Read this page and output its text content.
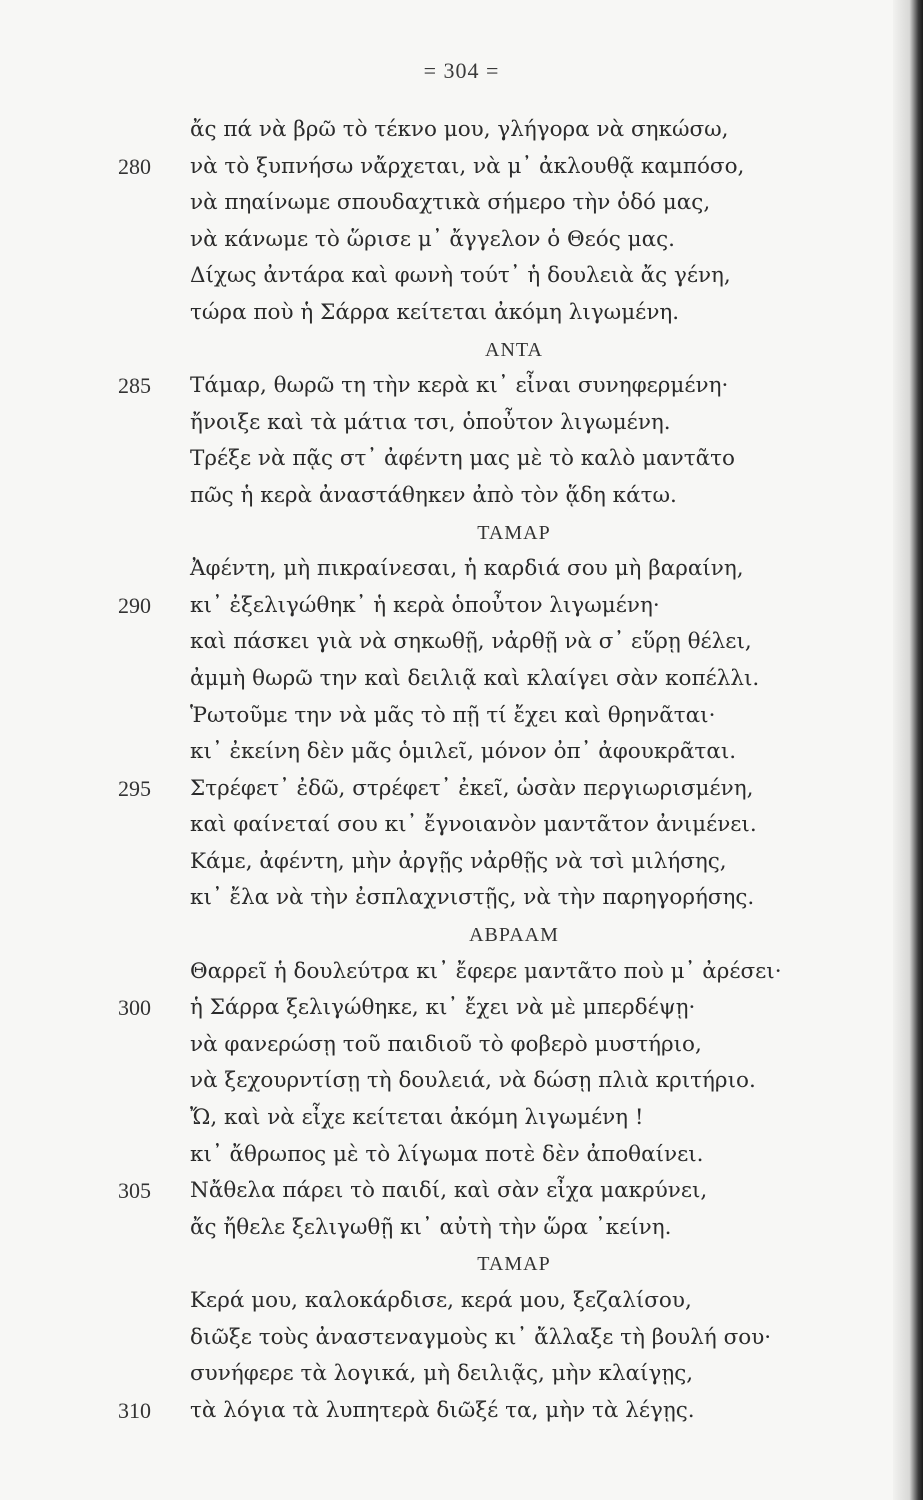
= 304 =
ἄς πά νὰ βρῶ τὸ τέκνο μου, γλήγορα νὰ σηκώσω,
280 νὰ τὸ ξυπνήσω νἄρχεται, νὰ μ᾽ ἀκλουθᾷ καμπόσο,
νὰ πηαίνωμε σπουδαχτικὰ σήμερο τὴν ὁδό μας,
νὰ κάνωμε τὸ ὥρισε μ᾽ ἄγγελον ὁ Θεός μας.
Δίχως ἀντάρα καὶ φωνὴ τούτ᾽ ἡ δουλειὰ ἄς γένη,
τώρα ποὺ ἡ Σάρρα κείτεται ἀκόμη λιγωμένη.
ΑΝΤΑ
285 Τάμαρ, θωρῶ τη τὴν κερὰ κι᾽ εἶναι συνηφερμένη·
ἤνοιξε καὶ τὰ μάτια τσι, ὁποὖτον λιγωμένη.
Τρέξε νὰ πᾷς στ᾽ ἀφέντη μας μὲ τὸ καλὸ μαντᾶτο
πῶς ἡ κερὰ ἀναστάθηκεν ἀπὸ τὸν ᾅδη κάτω.
ΤΑΜΑΡ
Ἀφέντη, μὴ πικραίνεσαι, ἡ καρδιά σου μὴ βαραίνη,
290 κι᾽ ἐξελιγώθηκ᾽ ἡ κερὰ ὁποὖτον λιγωμένη·
καὶ πάσκει γιὰ νὰ σηκωθῇ, νἀρθῇ νὰ σ᾽ εὕρῃ θέλει,
ἀμμὴ θωρῶ την καὶ δειλιᾷ καὶ κλαίγει σὰν κοπέλλι.
Ῥωτοῦμε την νὰ μᾶς τὸ πῇ τί ἔχει καὶ θρηνᾶται·
κι᾽ ἐκείνη δὲν μᾶς ὁμιλεῖ, μόνον ὀπ᾽ ἀφουκρᾶται.
295 Στρέφετ᾽ ἐδῶ, στρέφετ᾽ ἐκεῖ, ὡσὰν περγιωρισμένη,
καὶ φαίνεταί σου κι᾽ ἔγνοιανὸν μαντᾶτον ἀνιμένει.
Κάμε, ἀφέντη, μὴν ἀργῇς νἀρθῇς νὰ τσὶ μιλήσης,
κι᾽ ἔλα νὰ τὴν ἐσπλαχνιστῇς, νὰ τὴν παρηγορήσης.
ΑΒΡΑΑΜ
Θαρρεῖ ἡ δουλεύτρα κι᾽ ἔφερε μαντᾶτο ποὺ μ᾽ ἀρέσει·
300 ἡ Σάρρα ξελιγώθηκε, κι᾽ ἔχει νὰ μὲ μπερδέψῃ·
νὰ φανερώσῃ τοῦ παιδιοῦ τὸ φοβερὸ μυστήριο,
νὰ ξεχουρντίσῃ τὴ δουλειά, νὰ δώσῃ πλιὰ κριτήριο.
Ὤ, καὶ νὰ εἶχε κείτεται ἀκόμη λιγωμένη !
κι᾽ ἄθρωπος μὲ τὸ λίγωμα ποτὲ δὲν ἀποθαίνει.
305 Νἄθελα πάρει τὸ παιδί, καὶ σὰν εἶχα μακρύνει,
ἄς ἤθελε ξελιγωθῇ κι᾽ αὐτὴ τὴν ὥρα ᾽κείνη.
ΤΑΜΑΡ
Κερά μου, καλοκάρδισε, κερά μου, ξεζαλίσου,
διῶξε τοὺς ἀναστεναγμοὺς κι᾽ ἄλλαξε τὴ βουλή σου·
συνήφερε τὰ λογικά, μὴ δειλιᾷς, μὴν κλαίγῃς,
310 τὰ λόγια τὰ λυπητερὰ διῶξέ τα, μὴν τὰ λέγῃς.
